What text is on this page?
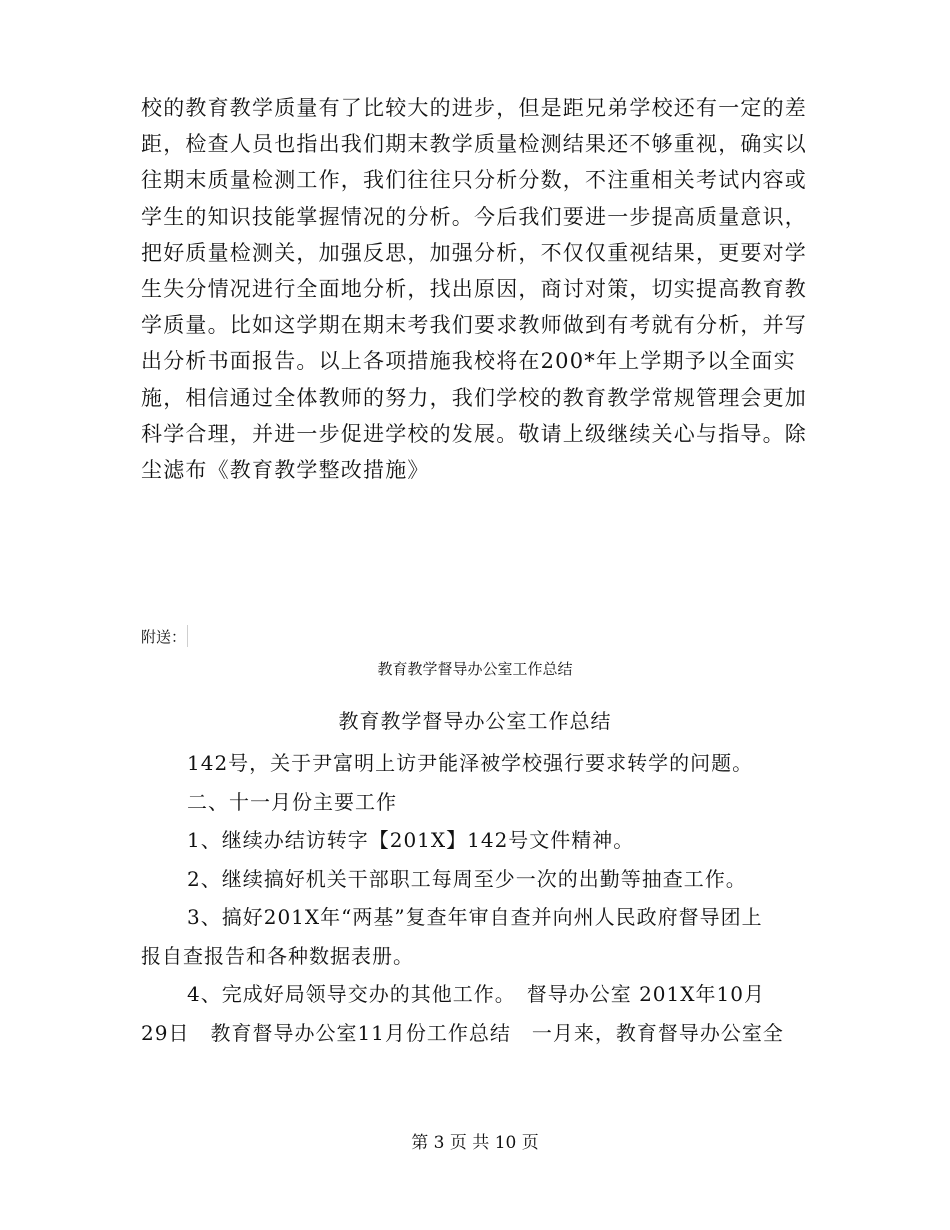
校的教育教学质量有了比较大的进步，但是距兄弟学校还有一定的差
距，检查人员也指出我们期末教学质量检测结果还不够重视，确实以
往期末质量检测工作，我们往往只分析分数，不注重相关考试内容或
学生的知识技能掌握情况的分析。今后我们要进一步提高质量意识，
把好质量检测关，加强反思，加强分析，不仅仅重视结果，更要对学
生失分情况进行全面地分析，找出原因，商讨对策，切实提高教育教
学质量。比如这学期在期末考我们要求教师做到有考就有分析，并写
出分析书面报告。以上各项措施我校将在200*年上学期予以全面实
施，相信通过全体教师的努力，我们学校的教育教学常规管理会更加
科学合理，并进一步促进学校的发展。敬请上级继续关心与指导。除
尘滤布《教育教学整改措施》
附送：
教育教学督导办公室工作总结
教育教学督导办公室工作总结
142号，关于尹富明上访尹能泽被学校强行要求转学的问题。
二、十一月份主要工作
1、继续办结访转字【201X】142号文件精神。
2、继续搞好机关干部职工每周至少一次的出勤等抽查工作。
3、搞好201X年“两基”复查年审自查并向州人民政府督导团上
报自查报告和各种数据表册。
4、完成好局领导交办的其他工作。　督导办公室 201X年10月
29日　教育督导办公室11月份工作总结　一月来，教育督导办公室全
第 3 页 共 10 页
